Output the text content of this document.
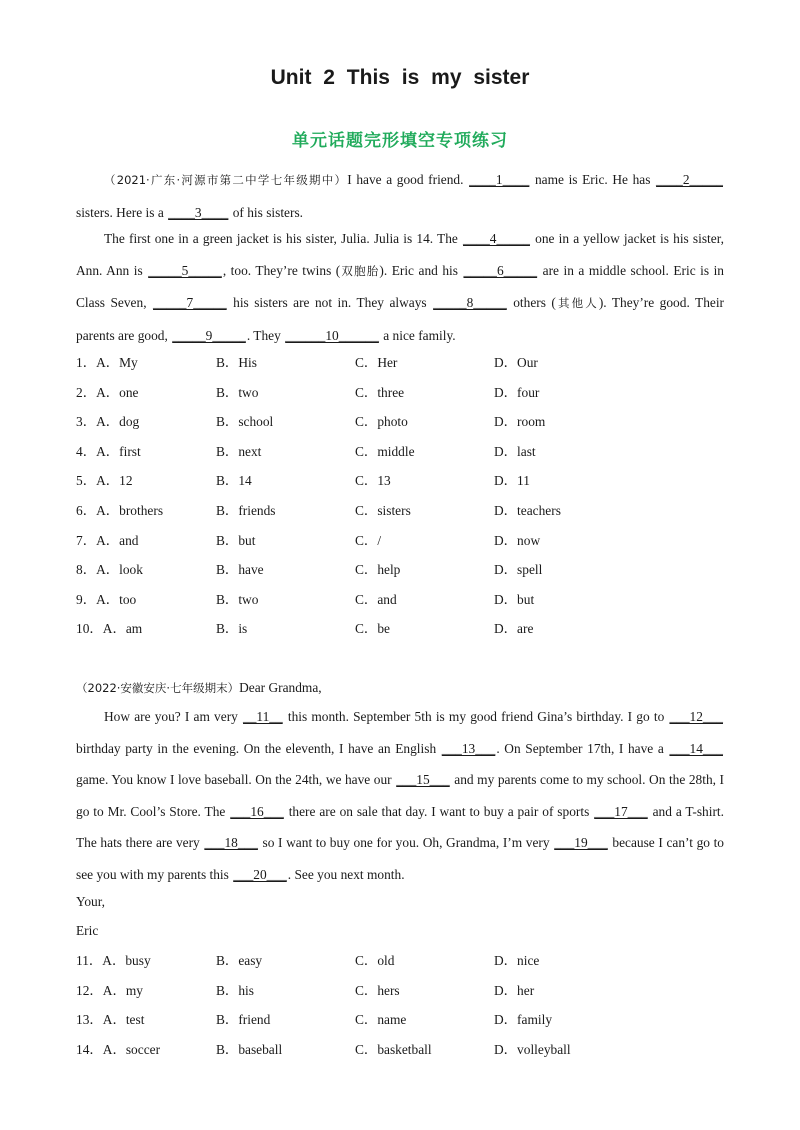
Unit 2 This is my sister
单元话题完形填空专项练习
（2021·广东·河源市第二中学七年级期中）I have a good friend. ____1____ name is Eric. He has ____2_____ sisters. Here is a ____3____ of his sisters.
The first one in a green jacket is his sister, Julia. Julia is 14. The ____4_____ one in a yellow jacket is his sister, Ann. Ann is _____5_____, too. They’re twins (双胞胎). Eric and his _____6_____ are in a middle school. Eric is in Class Seven, _____7_____ his sisters are not in. They always _____8_____ others (其他人). They’re good. Their parents are good, _____9_____. They ______10______ a nice family.
1．A．My	B．His	C．Her	D．Our
2．A．one	B．two	C．three	D．four
3．A．dog	B．school	C．photo	D．room
4．A．first	B．next	C．middle	D．last
5．A．12	B．14	C．13	D．11
6．A．brothers	B．friends	C．sisters	D．teachers
7．A．and	B．but	C．/	D．now
8．A．look	B．have	C．help	D．spell
9．A．too	B．two	C．and	D．but
10．A．am	B．is	C．be	D．are
（2022·安徽安庆·七年级期末）Dear Grandma,
How are you? I am very __11__ this month. September 5th is my good friend Gina’s birthday. I go to ___12___ birthday party in the evening. On the eleventh, I have an English ___13___. On September 17th, I have a ___14___ game. You know I love baseball. On the 24th, we have our ___15___ and my parents come to my school. On the 28th, I go to Mr. Cool’s Store. The ___16___ there are on sale that day. I want to buy a pair of sports ___17___ and a T-shirt. The hats there are very ___18___ so I want to buy one for you. Oh, Grandma, I’m very ___19___ because I can’t go to see you with my parents this ___20___. See you next month.
Your,
Eric
11．A．busy	B．easy	C．old	D．nice
12．A．my	B．his	C．hers	D．her
13．A．test	B．friend	C．name	D．family
14．A．soccer	B．baseball	C．basketball	D．volleyball
